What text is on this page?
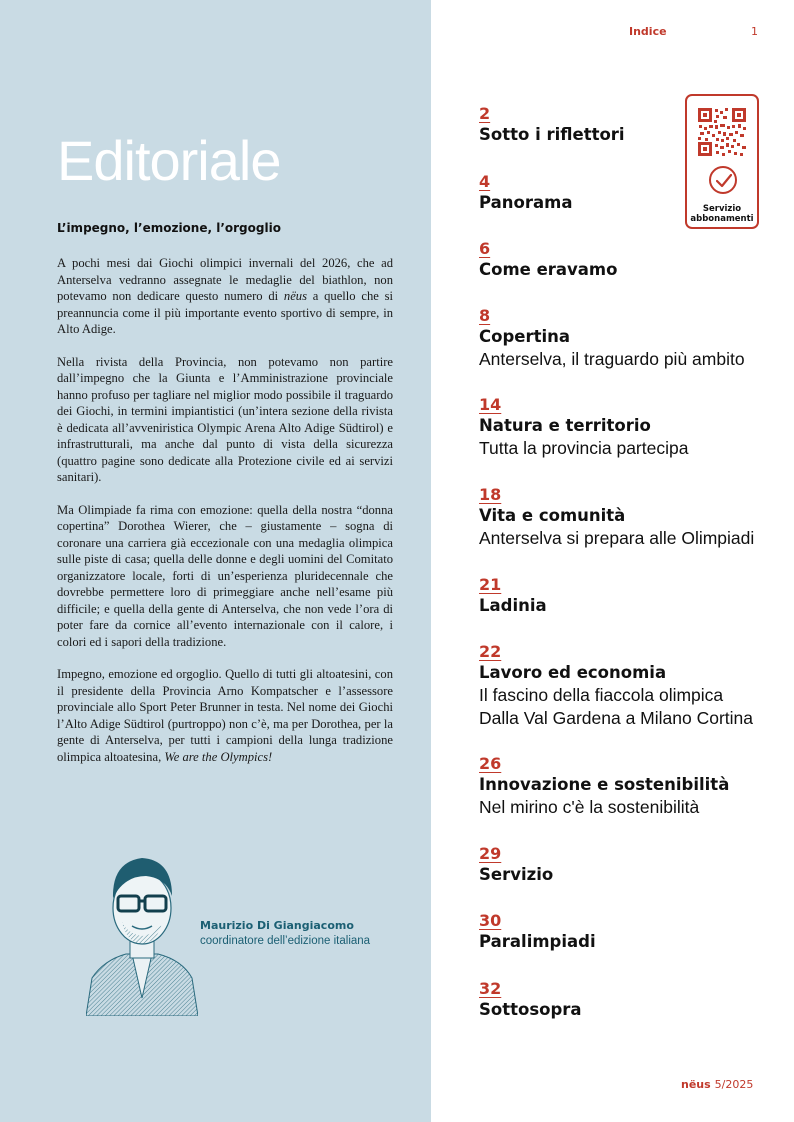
Editoriale
L’impegno, l’emozione, l’orgoglio

A pochi mesi dai Giochi olimpici invernali del 2026, che ad Anterselva vedranno assegnate le medaglie del biathlon, non potevamo non dedicare questo numero di nëus a quello che si preannuncia come il più importante evento sportivo di sempre, in Alto Adige.

Nella rivista della Provincia, non potevamo non partire dall’impegno che la Giunta e l’Amministrazione provinciale hanno profuso per tagliare nel miglior modo possibile il traguardo dei Giochi, in termini impiantistici (un’intera sezione della rivista è dedicata all’avveniristica Olympic Arena Alto Adige Südtirol) e infrastrutturali, ma anche dal punto di vista della sicurezza (quattro pagine sono dedicate alla Protezione civile ed ai servizi sanitari).

Ma Olimpiade fa rima con emozione: quella della nostra “donna copertina” Dorothea Wierer, che – giustamente – sogna di coronare una carriera già eccezionale con una medaglia olimpica sulle piste di casa; quella delle donne e degli uomini del Comitato organizzatore locale, forti di un’esperienza pluridecennale che dovrebbe permettere loro di primeggiare anche nell’esame più difficile; e quella della gente di Anterselva, che non vede l’ora di poter fare da cornice all’evento internazionale con il calore, i colori ed i sapori della tradizione.

Impegno, emozione ed orgoglio. Quello di tutti gli altoatesini, con il presidente della Provincia Arno Kompatscher e l’assessore provinciale allo Sport Peter Brunner in testa. Nel nome dei Giochi l’Alto Adige Südtirol (purtroppo) non c’è, ma per Dorothea, per la gente di Anterselva, per tutti i campioni della lunga tradizione olimpica altoatesina, We are the Olympics!

Maurizio Di Giangiacomo
coordinatore dell’edizione italiana
Indice	1
2
Sotto i riflettori
4
Panorama
6
Come eravamo
8
Copertina
Anterselva, il traguardo più ambito
14
Natura e territorio
Tutta la provincia partecipa
18
Vita e comunità
Anterselva si prepara alle Olimpiadi
21
Ladinia
22
Lavoro ed economia
Il fascino della fiaccola olimpica
Dalla Val Gardena a Milano Cortina
26
Innovazione e sostenibilità
Nel mirino c'è la sostenibilità
29
Servizio
30
Paralimpiadi
32
Sottosopra
Servizio
abbonamenti
nëus 5/2025
